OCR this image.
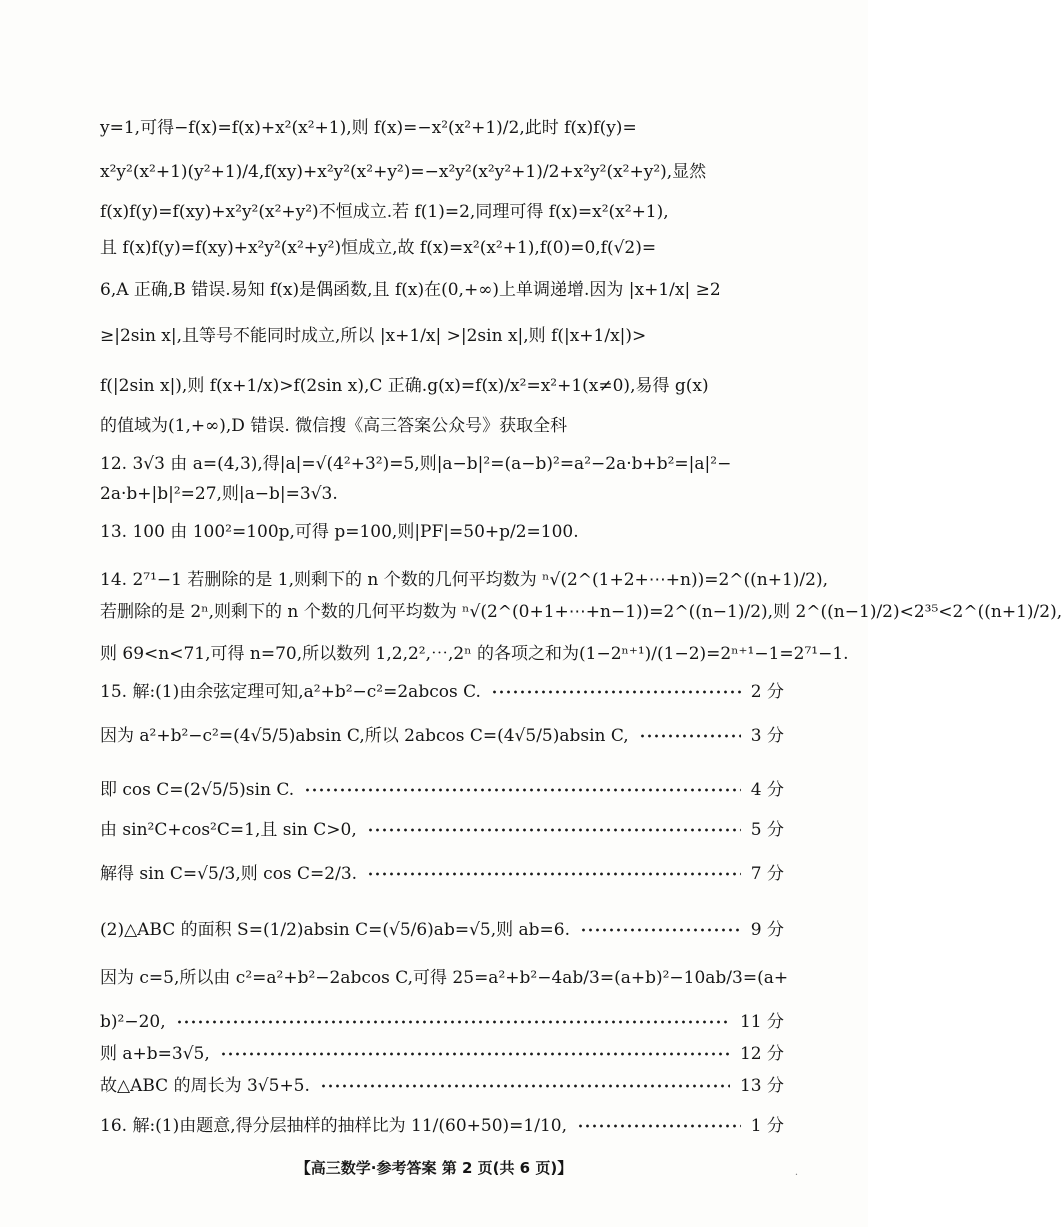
y=1,可得−f(x)=f(x)+x²(x²+1),则 f(x)=−x²(x²+1)/2,此时 f(x)f(y)=
x²y²(x²+1)(y²+1)/4,f(xy)+x²y²(x²+y²)=−x²y²(x²y²+1)/2+x²y²(x²+y²),显然
f(x)f(y)=f(xy)+x²y²(x²+y²)不恒成立.若 f(1)=2,同理可得 f(x)=x²(x²+1),
且 f(x)f(y)=f(xy)+x²y²(x²+y²)恒成立,故 f(x)=x²(x²+1),f(0)=0,f(√2)=
6,A 正确,B 错误.易知 f(x)是偶函数,且 f(x)在(0,+∞)上单调递增.因为 |x+1/x| ≥2
≥|2sin x|,且等号不能同时成立,所以 |x+1/x| >|2sin x|,则 f(|x+1/x|)>
f(|2sin x|),则 f(x+1/x)>f(2sin x),C 正确.g(x)=f(x)/x²=x²+1(x≠0),易得 g(x)
的值域为(1,+∞),D 错误. 微信搜《高三答案公众号》获取全科
12. 3√3 由 a=(4,3),得|a|=√(4²+3²)=5,则|a−b|²=(a−b)²=a²−2a·b+b²=|a|²−
2a·b+|b|²=27,则|a−b|=3√3.
13. 100 由 100²=100p,可得 p=100,则|PF|=50+p/2=100.
14. 2⁷¹−1 若删除的是 1,则剩下的 n 个数的几何平均数为 ⁿ√(2^(1+2+⋯+n))=2^((n+1)/2),
若删除的是 2ⁿ,则剩下的 n 个数的几何平均数为 ⁿ√(2^(0+1+⋯+n−1))=2^((n−1)/2),则 2^((n−1)/2)<2³⁵<2^((n+1)/2),
则 69<n<71,可得 n=70,所以数列 1,2,2²,⋯,2ⁿ 的各项之和为(1−2ⁿ⁺¹)/(1−2)=2ⁿ⁺¹−1=2⁷¹−1.
15. 解:(1)由余弦定理可知,a²+b²−c²=2abcos C.	2 分
因为 a²+b²−c²=(4√5/5)absin C,所以 2abcos C=(4√5/5)absin C,	3 分
即 cos C=(2√5/5)sin C.	4 分
由 sin²C+cos²C=1,且 sin C>0,	5 分
解得 sin C=√5/3,则 cos C=2/3.	7 分
(2)△ABC 的面积 S=(1/2)absin C=(√5/6)ab=√5,则 ab=6.	9 分
因为 c=5,所以由 c²=a²+b²−2abcos C,可得 25=a²+b²−4ab/3=(a+b)²−10ab/3=(a+
b)²−20,	11 分
则 a+b=3√5,	12 分
故△ABC 的周长为 3√5+5.	13 分
16. 解:(1)由题意,得分层抽样的抽样比为 11/(60+50)=1/10,	1 分
【高三数学·参考答案 第 2 页(共 6 页)】	.
